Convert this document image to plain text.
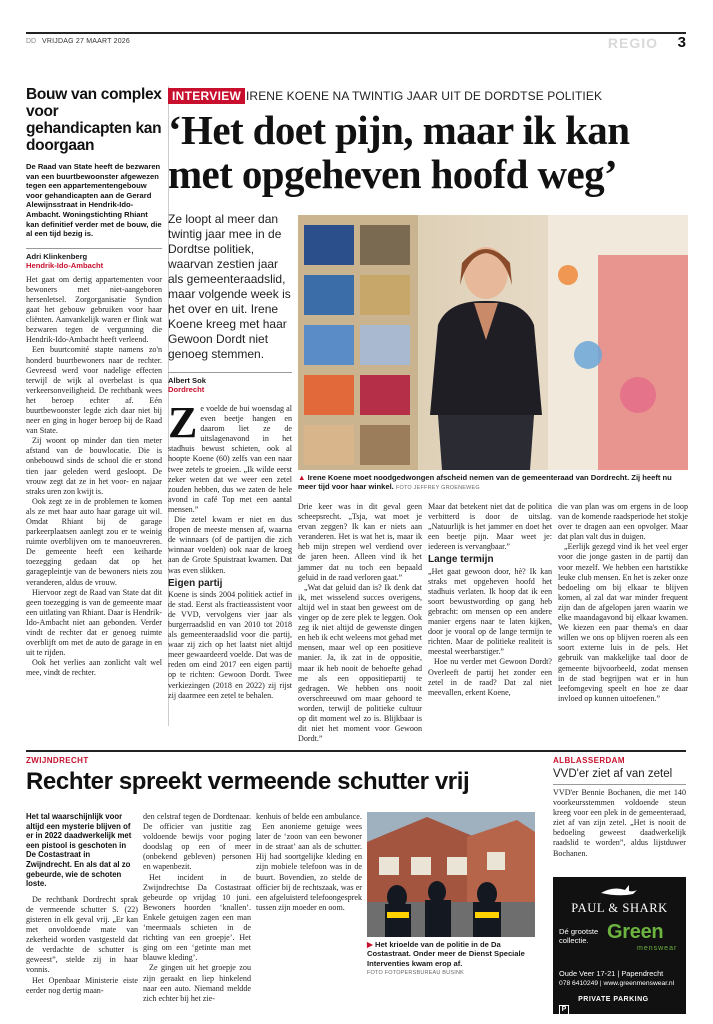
DD VRIJDAG 27 MAART 2026	REGIO 3
Bouw van complex voor gehandicapten kan doorgaan

De Raad van State heeft de bezwaren van een buurtbewoonster afgewezen tegen een appartementengebouw voor gehandicapten aan de Gerard Alewijnsstraat in Hendrik-Ido-Ambacht. Woningstichting Rhiant kan definitief verder met de bouw, die al een tijd bezig is.

Adri Klinkenberg
Hendrik-Ido-Ambacht

Het gaat om dertig appartementen voor bewoners met niet-aangeboren hersenletsel. Zorgorganisatie Syndion gaat het gebouw gebruiken voor haar cliënten. Aanvankelijk waren er flink wat bezwaren tegen de vergunning die Hendrik-Ido-Ambacht heeft verleend.

Een buurtcomité stapte namens zo'n honderd buurtbewoners naar de rechter. Gevreesd werd voor nadelige effecten terwijl de wijk al overbelast is qua verkeersonveiligheid. De rechtbank wees het beroep echter af. Eén buurtbewoonster legde zich daar niet bij neer en ging in hoger beroep bij de Raad van State.

Zij woont op minder dan tien meter afstand van de bouwlocatie. Die is onbebouwd sinds de school die er stond tien jaar geleden werd gesloopt. De vrouw zegt dat ze in het voor- en najaar straks uren zon kwijt is.

Ook zegt ze in de problemen te komen als ze met haar auto haar garage uit wil. Omdat Rhiant bij de garage parkeerplaatsen aanlegt zou er te weinig ruimte overblijven om te manoeuvreren. De gemeente heeft een keiharde toezegging gedaan dat op het garagepleintje van de bewoners niets zou veranderen, aldus de vrouw.

Hiervoor zegt de Raad van State dat dit geen toezegging is van de gemeente maar een uitlating van Rhiant. Daar is Hendrik-Ido-Ambacht niet aan gebonden. Verder vindt de rechter dat er genoeg ruimte overblijft om met de auto de garage in en uit te rijden.

Ook het verlies aan zonlicht valt wel mee, vindt de rechter.

INTERVIEW IRENE KOENE NA TWINTIG JAAR UIT DE DORDTSE POLITIEK
‘Het doet pijn, maar ik kan met opgeheven hoofd weg’

Ze loopt al meer dan twintig jaar mee in de Dordtse politiek, waarvan zestien jaar als gemeenteraadslid, maar volgende week is het over en uit. Irene Koene kreeg met haar Gewoon Dordt niet genoeg stemmen.

Albert Sok
Dordrecht
▲ Irene Koene moet noodgedwongen afscheid nemen van de gemeenteraad van Dordrecht. Zij heeft nu meer tijd voor haar winkel. FOTO JEFFREY GROENEWEG
Z e voelde de bui woensdag al even beetje hangen en daarom liet ze de uitslagenavond in het stadhuis bewust schieten, ook al hoopte Koene (60) zelfs van een naar twee zetels te groeien. „Ik wilde eerst zeker weten dat we weer een zetel zouden hebben, dus we zaten de hele avond in café Top met een aantal mensen.”

Die zetel kwam er niet en dus dropen de meeste mensen af, waarna de winnaars (of de partijen die zich winnaar voelden) ook naar de kroeg aan de Grote Spuistraat kwamen. Dat was even slikken.

Eigen partij

Koene is sinds 2004 politiek actief in de stad. Eerst als fractieassistent voor de VVD, vervolgens vier jaar als burgerraadslid en van 2010 tot 2018 als gemeenteraadslid voor die partij, waar zij zich op het laatst niet altijd meer gewaardeerd voelde. Dat was de reden om eind 2017 een eigen partij op te richten: Gewoon Dordt. Twee verkiezingen (2018 en 2022) zij rijst zij daarmee een zetel te behalen.

Drie keer was in dit geval geen scheepsrecht. „Tsja, wat moet je ervan zeggen? Ik kan er niets aan veranderen. Het is wat het is, maar ik heb mijn strepen wel verdiend over de jaren heen. Alleen vind ik het jammer dat nu toch een bepaald geluid in de raad verloren gaat.”

„Wat dat geluid dan is? Ik denk dat ik, met wisselend succes overigens, altijd wel in staat ben geweest om de vinger op de zere plek te leggen. Ook zeg ik niet altijd de gewenste dingen en heb ik echt weleens mot gehad met mensen, maar wel op een positieve manier. Ja, ik zat in de oppositie, maar ik heb nooit de behoefte gehad me als een oppositiepartij te gedragen. We hebben ons nooit overschreeuwd om maar gehoord te worden, terwijl de politieke cultuur op dit moment wel zo is. Blijkbaar is dit niet het moment voor Gewoon Dordt.”

Maar dat betekent niet dat de politica verbitterd is door de uitslag. „Natuurlijk is het jammer en doet het een beetje pijn. Maar weet je: iedereen is vervangbaar.”

Lange termijn

„Het gaat gewoon door, hè? Ik kan straks met opgeheven hoofd het stadhuis verlaten. Ik hoop dat ik een soort bewustwording op gang heb gebracht: om mensen op een andere manier ergens naar te laten kijken, door je vooral op de lange termijn te richten. Maar de politieke realiteit is meestal weerbarstiger.”

Hoe nu verder met Gewoon Dordt? Overleeft de partij het zonder een zetel in de raad? Dat zal niet meevallen, erkent Koene,

die van plan was om ergens in de loop van de komende raadsperiode het stokje over te dragen aan een opvolger. Maar dat plan valt dus in duigen.

„Eerlijk gezegd vind ik het veel erger voor die jonge gasten in de partij dan voor mezelf. We hebben een hartstikke leuke club mensen. En het is zeker onze bedoeling om bij elkaar te blijven komen, al zal dat war minder frequent zijn dan de afgelopen jaren waarin we elke maandagavond bij elkaar kwamen. We kiezen een paar thema's en daar willen we ons op blijven roeren als een soort externe luis in de pels. Het gebruik van makkelijke taal door de gemeente bijvoorbeeld, zodat mensen in de stad begrijpen wat er in hun leefomgeving speelt en hoe ze daar invloed op kunnen uitoefenen.”

ZWIJNDRECHT
Rechter spreekt vermeende schutter vrij

Het tal waarschijnlijk voor altijd een mysterie blijven of er in 2022 daadwerkelijk met een pistool is geschoten in De Costastraat in Zwijndrecht. En als dat al zo gebeurde, wie de schoten loste.

De rechtbank Dordrecht sprak de vermeende schutter S. (22) gisteren in elk geval vrij. „Er kan met onvoldoende mate van zekerheid worden vastgesteld dat de verdachte de schutter is geweest”, stelde zij in haar vonnis.

Het Openbaar Ministerie eiste eerder nog dertig maan-

den celstraf tegen de Dordtenaar. De officier van justitie zag voldoende bewijs voor poging doodslag op een of meer (onbekend gebleven) personen en wapenbezit.

Het incident in de Zwijndrechtse Da Costastraat gebeurde op vrijdag 10 juni. Bewoners hoorden ‘knallen’. Enkele getuigen zagen een man ‘meermaals schieten in de richting van een groepje’. Het ging om een ‘getinte man met blauwe kleding’.

Ze gingen uit het groepje zou zijn geraakt en liep hinkelend naar een auto. Niemand meldde zich echter bij het zie-

kenhuis of belde een ambulance.

Een anonieme getuige wees later de ‘zoon van een bewoner in de straat’ aan als de schutter. Hij had soortgelijke kleding en zijn mobiele telefoon was in de buurt. Bovendien, zo stelde de officier bij de rechtszaak, was er een afgeluisterd telefoongesprek tussen zijn moeder en oom.

▶ Het krioelde van de politie in de Da Costastraat. Onder meer de Dienst Speciale Interventies kwam erop af.
FOTO FOTOPERSBUREAU BUSINK
ALBLASSERDAM
VVD'er ziet af van zetel

VVD'er Bennie Bochanen, die met 140 voorkeursstemmen voldoende steun kreeg voor een plek in de gemeenteraad, ziet af van zijn zetel. „Het is nooit de bedoeling geweest daadwerkelijk raadslid te worden”, aldus lijstduwer Bochanen.

PAUL & SHARK
Dé grootste collectie. Green
menswear
Oude Veer 17-21 | Papendrecht
078 6410249 | www.greenmenswear.nl
P $^{PRIVATE PARKING}$
